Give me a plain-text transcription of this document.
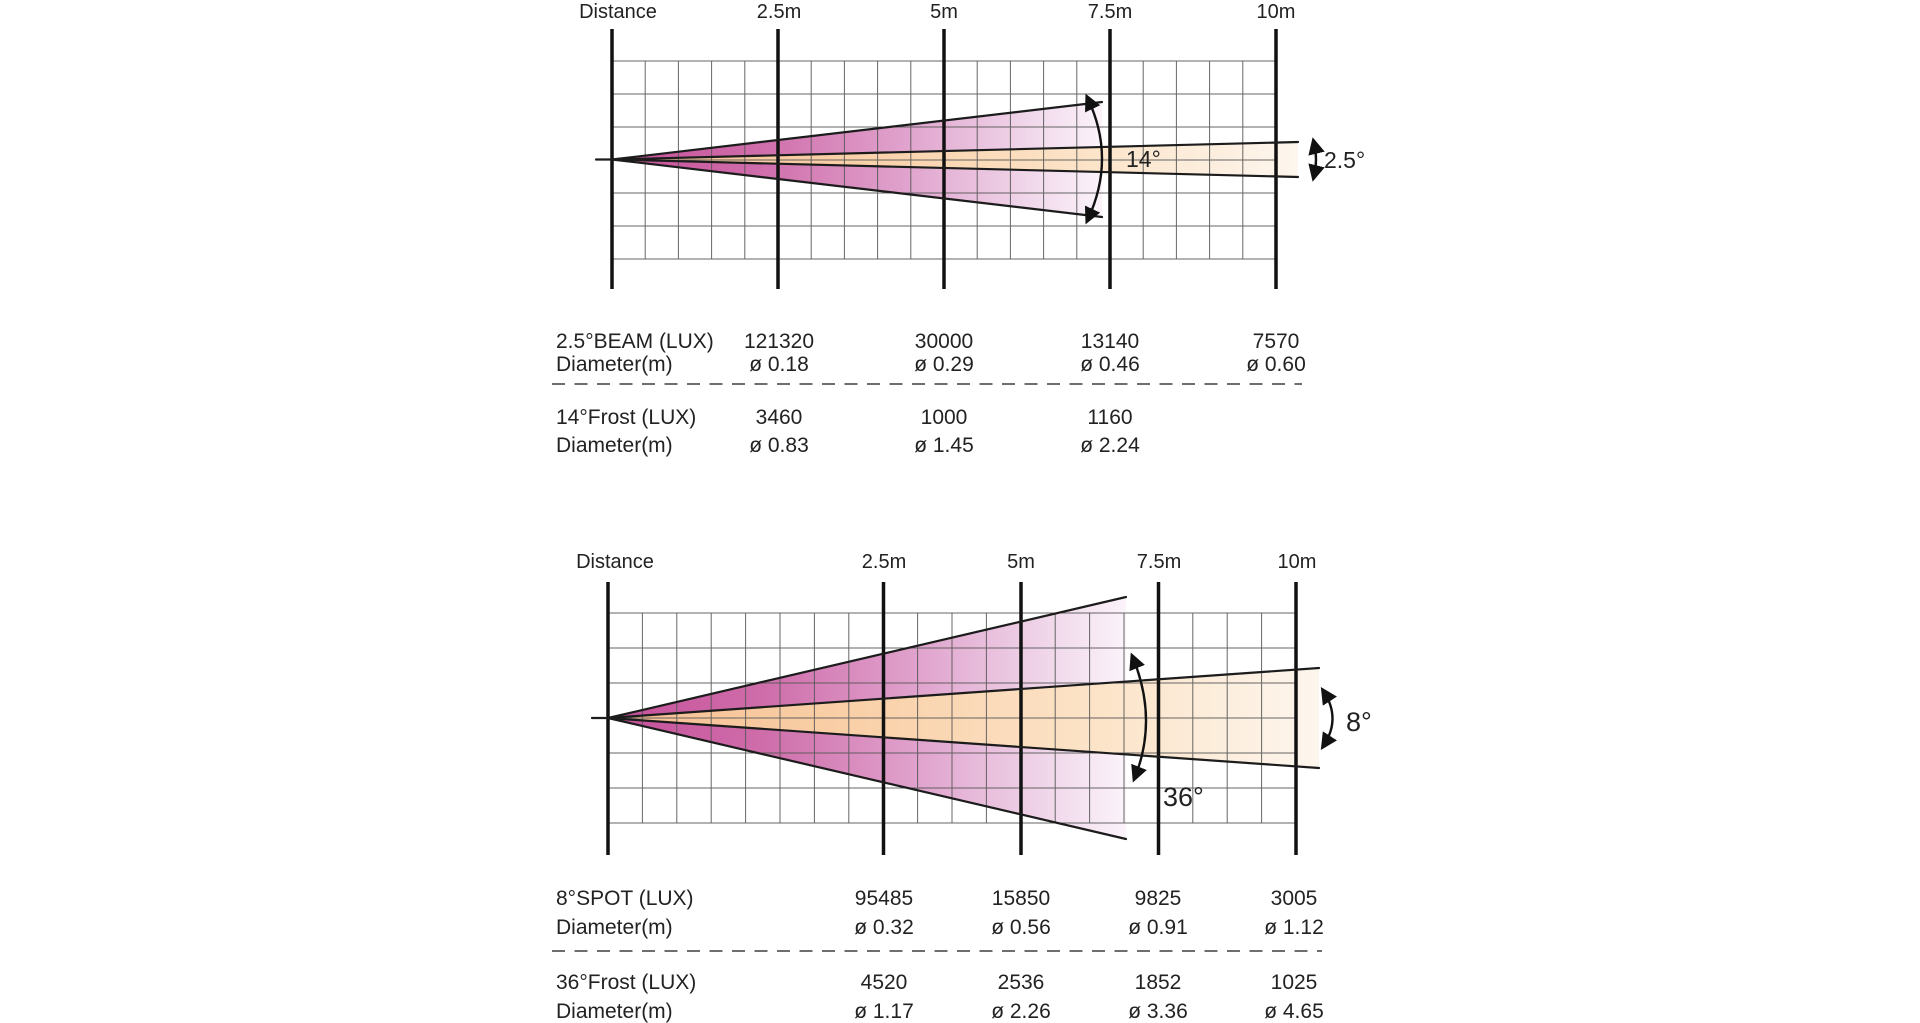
14°	2.5°
Distance	2.5m	5m	7.5m	10m
2.5°BEAM (LUX) 121320	30000	13140	7570
Diameter(m)	ø 0.18	ø 0.29	ø 0.46	ø 0.60
14°Frost (LUX)	3460	1000	1160
Diameter(m)	ø 0.83	ø 1.45	ø 2.24
36°
8°
Distance	2.5m	5m	7.5m	10m
8°SPOT (LUX)	95485	15850	9825	3005
Diameter(m)	ø 0.32	ø 0.56	ø 0.91	ø 1.12
36°Frost (LUX)	4520	2536	1852	1025
Diameter(m)	ø 1.17	ø 2.26	ø 3.36	ø 4.65
